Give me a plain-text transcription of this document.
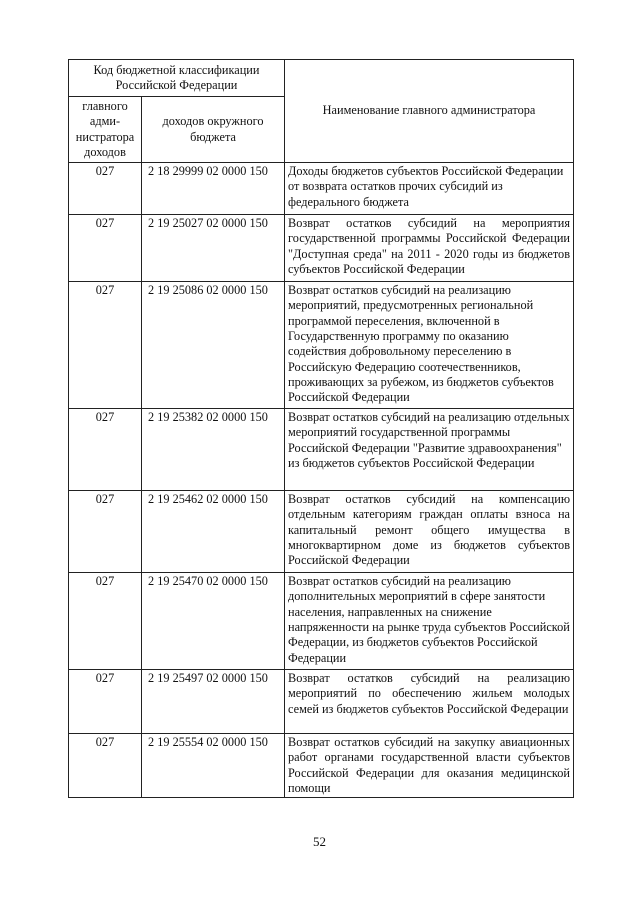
Код бюджетной классификации Российской Федерации		Наименование главного администратора
главного адми-нистратора доходов	доходов окружного бюджета	
027	2 18 29999 02 0000 150	Доходы бюджетов субъектов Российской Федерации от возврата остатков прочих субсидий из федерального бюджета
027	2 19 25027 02 0000 150	Возврат остатков субсидий на мероприятия государственной программы Российской Федерации "Доступная среда" на 2011 - 2020 годы из бюджетов субъектов Российской Федерации
027	2 19 25086 02 0000 150	Возврат остатков субсидий на реализацию мероприятий, предусмотренных региональной программой переселения, включенной в Государственную программу по оказанию содействия добровольному переселению в Российскую Федерацию соотечественников, проживающих за рубежом, из бюджетов субъектов Российской Федерации
027	2 19 25382 02 0000 150	Возврат остатков субсидий на реализацию отдельных мероприятий государственной программы Российской Федерации "Развитие здравоохранения" из бюджетов субъектов Российской Федерации
027	2 19 25462 02 0000 150	Возврат остатков субсидий на компенсацию отдельным категориям граждан оплаты взноса на капитальный ремонт общего имущества в многоквартирном доме из бюджетов субъектов Российской Федерации
027	2 19 25470 02 0000 150	Возврат остатков субсидий на реализацию дополнительных мероприятий в сфере занятости населения, направленных на снижение напряженности на рынке труда субъектов Российской Федерации, из бюджетов субъектов Российской Федерации
027	2 19 25497 02 0000 150	Возврат остатков субсидий на реализацию мероприятий по обеспечению жильем молодых семей из бюджетов субъектов Российской Федерации
027	2 19 25554 02 0000 150	Возврат остатков субсидий на закупку авиационных работ органами государственной власти субъектов Российской Федерации для оказания медицинской помощи
52
